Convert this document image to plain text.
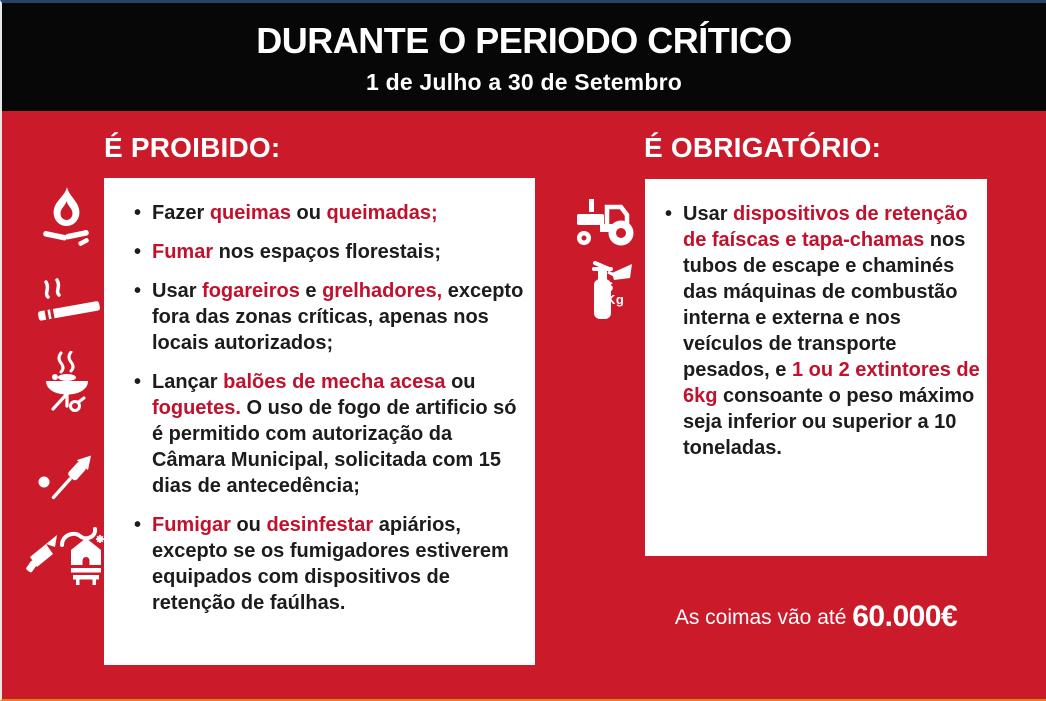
DURANTE O PERIODO CRÍTICO

1 de Julho a 30 de Setembro

6
Kg
É PROIBIDO:
• Fazer queimas ou queimadas;
• Fumar nos espaços florestais;
• Usar fogareiros e grelhadores, excepto fora das zonas críticas, apenas nos locais autorizados;
• Lançar balões de mecha acesa ou foguetes. O uso de fogo de artificio só é permitido com autorização da Câmara Municipal, solicitada com 15 dias de antecedência;
• Fumigar ou desinfestar apiários, excepto se os fumigadores estiverem equipados com dispositivos de retenção de faúlhas.
É OBRIGATÓRIO:
• Usar dispositivos de retenção de faíscas e tapa-chamas nos tubos de escape e chaminés das máquinas de combustão interna e externa e nos veículos de transporte pesados, e 1 ou 2 extintores de 6kg consoante o peso máximo seja inferior ou superior a 10 toneladas.

As coimas vão até 60.000€
